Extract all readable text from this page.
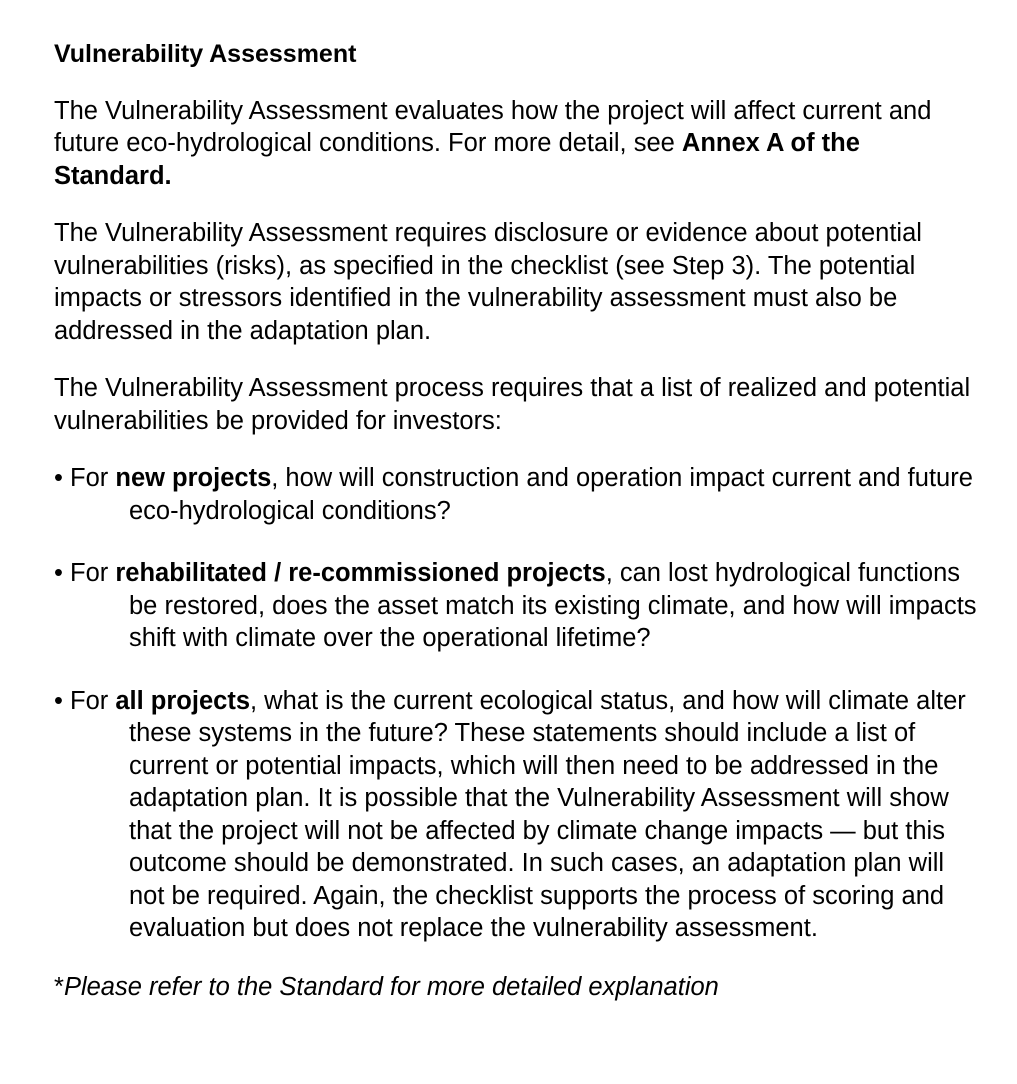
Vulnerability Assessment

The Vulnerability Assessment evaluates how the project will affect current and future eco-hydrological conditions. For more detail, see Annex A of the Standard.

The Vulnerability Assessment requires disclosure or evidence about potential vulnerabilities (risks), as specified in the checklist (see Step 3). The potential impacts or stressors identified in the vulnerability assessment must also be addressed in the adaptation plan.

The Vulnerability Assessment process requires that a list of realized and potential vulnerabilities be provided for investors:

• For new projects, how will construction and operation impact current and future eco-hydrological conditions?
• For rehabilitated / re-commissioned projects, can lost hydrological functions be restored, does the asset match its existing climate, and how will impacts shift with climate over the operational lifetime?
• For all projects, what is the current ecological status, and how will climate alter these systems in the future? These statements should include a list of current or potential impacts, which will then need to be addressed in the adaptation plan. It is possible that the Vulnerability Assessment will show that the project will not be affected by climate change impacts — but this outcome should be demonstrated. In such cases, an adaptation plan will not be required. Again, the checklist supports the process of scoring and evaluation but does not replace the vulnerability assessment.
*Please refer to the Standard for more detailed explanation
